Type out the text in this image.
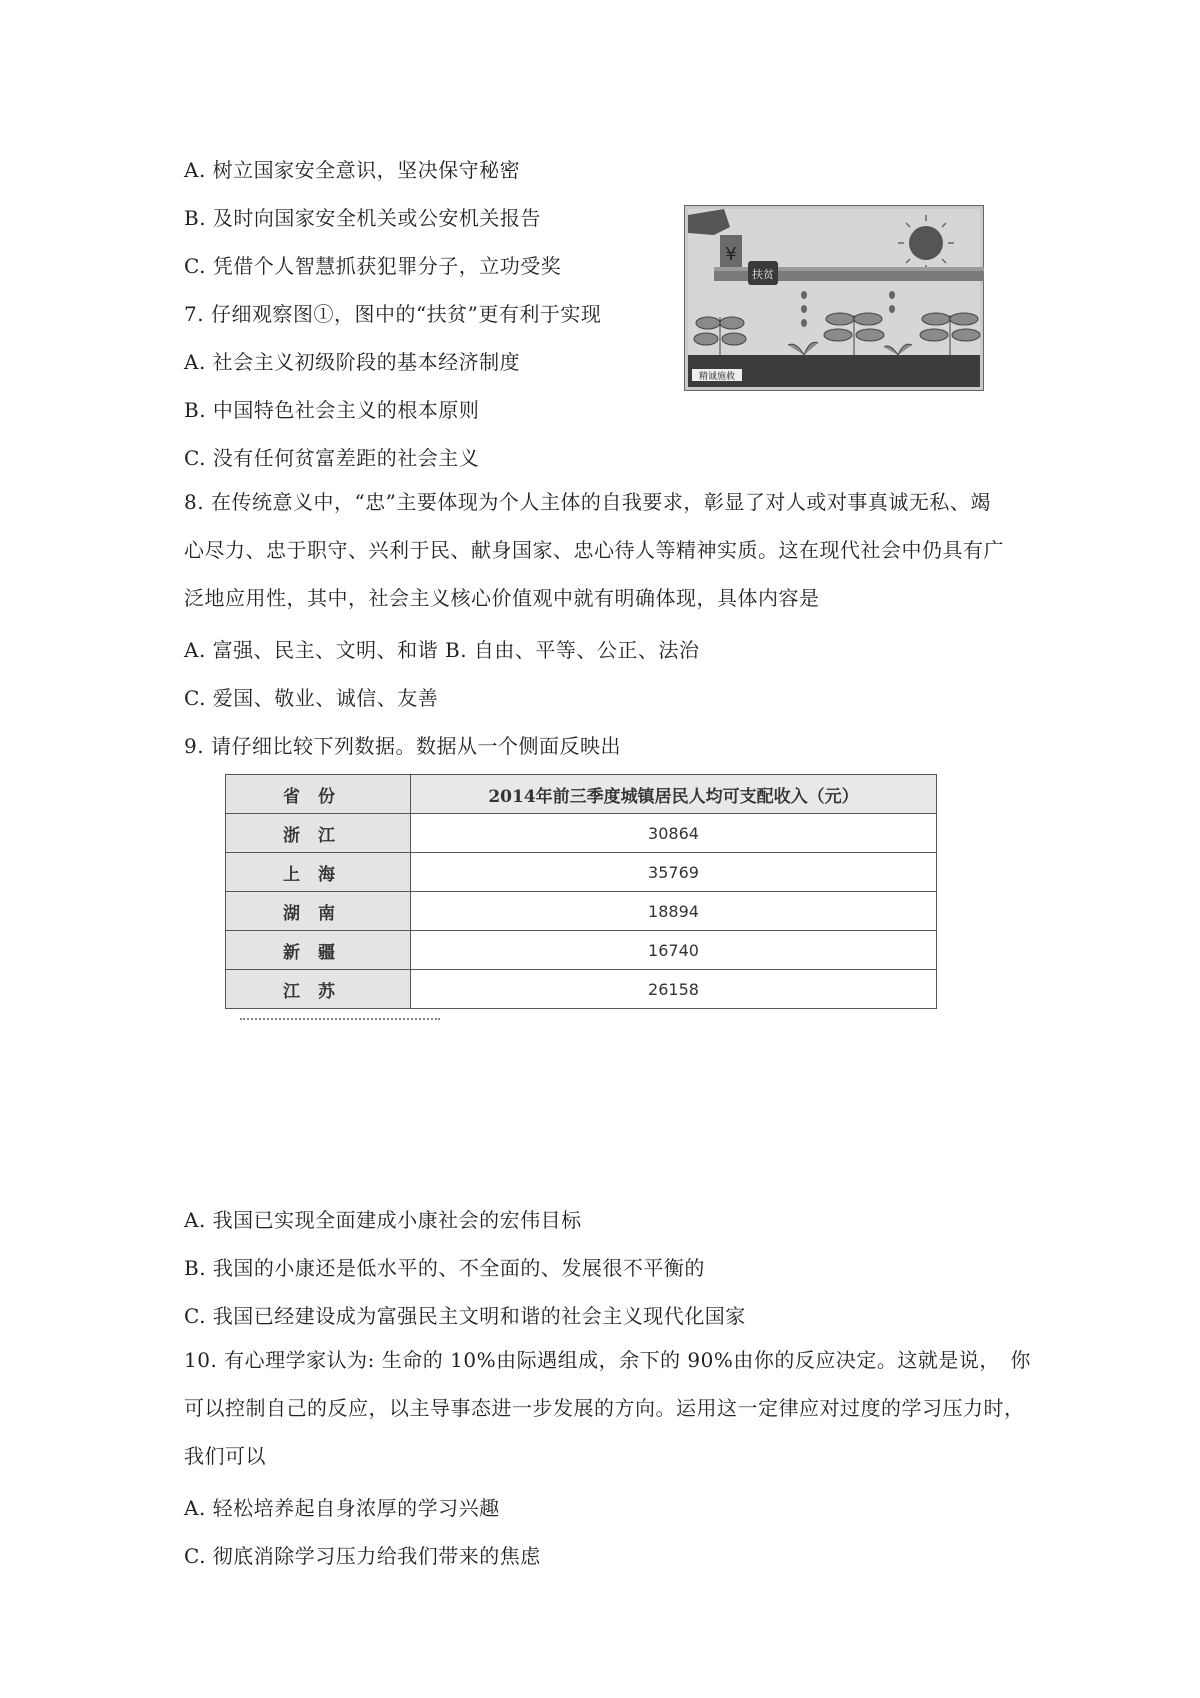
A. 树立国家安全意识，坚决保守秘密
B. 及时向国家安全机关或公安机关报告
C. 凭借个人智慧抓获犯罪分子，立功受奖
7. 仔细观察图①，图中的“扶贫”更有利于实现
A. 社会主义初级阶段的基本经济制度
B. 中国特色社会主义的根本原则
C. 没有任何贫富差距的社会主义
¥
扶贫
精诚施救
8. 在传统意义中，“忠”主要体现为个人主体的自我要求，彰显了对人或对事真诚无私、竭
心尽力、忠于职守、兴利于民、献身国家、忠心待人等精神实质。这在现代社会中仍具有广
泛地应用性，其中，社会主义核心价值观中就有明确体现，具体内容是
A. 富强、民主、文明、和谐 B. 自由、平等、公正、法治
C. 爱国、敬业、诚信、友善
9. 请仔细比较下列数据。数据从一个侧面反映出
省份	2014年前三季度城镇居民人均可支配收入（元）
浙江	30864
上海	35769
湖南	18894
新疆	16740
江苏	26158
A. 我国已实现全面建成小康社会的宏伟目标
B. 我国的小康还是低水平的、不全面的、发展很不平衡的
C. 我国已经建设成为富强民主文明和谐的社会主义现代化国家
10. 有心理学家认为: 生命的 10%由际遇组成，余下的 90%由你的反应决定。这就是说，　你
可以控制自己的反应，以主导事态进一步发展的方向。运用这一定律应对过度的学习压力时，
我们可以
A. 轻松培养起自身浓厚的学习兴趣
C. 彻底消除学习压力给我们带来的焦虑
